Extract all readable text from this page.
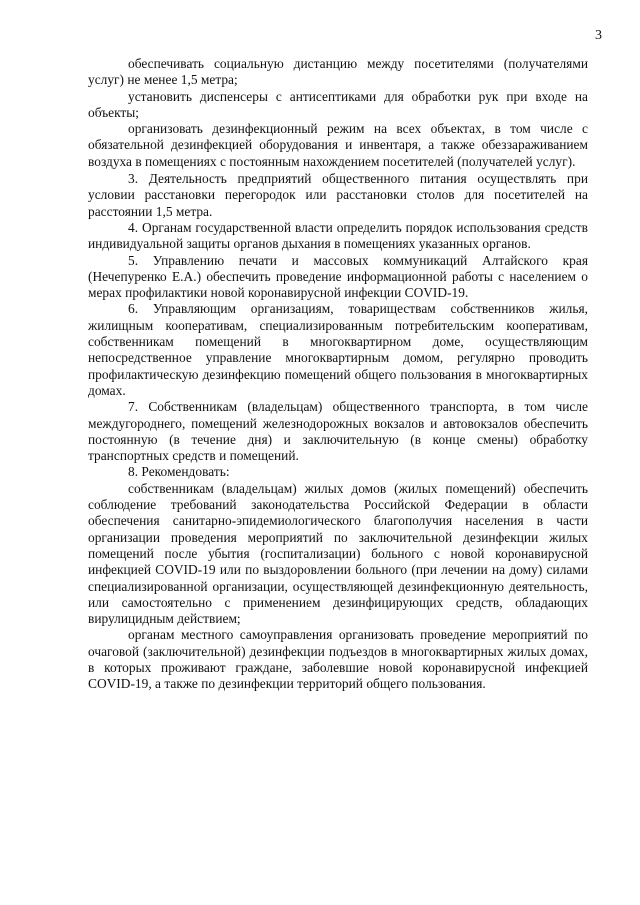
3

обеспечивать социальную дистанцию между посетителями (получателями услуг) не менее 1,5 метра;

установить диспенсеры с антисептиками для обработки рук при входе на объекты;

организовать дезинфекционный режим на всех объектах, в том числе с обязательной дезинфекцией оборудования и инвентаря, а также обеззараживанием воздуха в помещениях с постоянным нахождением посетителей (получателей услуг).

3. Деятельность предприятий общественного питания осуществлять при условии расстановки перегородок или расстановки столов для посетителей на расстоянии 1,5 метра.

4. Органам государственной власти определить порядок использования средств индивидуальной защиты органов дыхания в помещениях указанных органов.

5. Управлению печати и массовых коммуникаций Алтайского края (Нечепуренко Е.А.) обеспечить проведение информационной работы с населением о мерах профилактики новой коронавирусной инфекции COVID-19.

6. Управляющим организациям, товариществам собственников жилья, жилищным кооперативам, специализированным потребительским кооперативам, собственникам помещений в многоквартирном доме, осуществляющим непосредственное управление многоквартирным домом, регулярно проводить профилактическую дезинфекцию помещений общего пользования в многоквартирных домах.

7. Собственникам (владельцам) общественного транспорта, в том числе междугороднего, помещений железнодорожных вокзалов и автовокзалов обеспечить постоянную (в течение дня) и заключительную (в конце смены) обработку транспортных средств и помещений.

8. Рекомендовать:

собственникам (владельцам) жилых домов (жилых помещений) обеспечить соблюдение требований законодательства Российской Федерации в области обеспечения санитарно-эпидемиологического благополучия населения в части организации проведения мероприятий по заключительной дезинфекции жилых помещений после убытия (госпитализации) больного с новой коронавирусной инфекцией COVID-19 или по выздоровлении больного (при лечении на дому) силами специализированной организации, осуществляющей дезинфекционную деятельность, или самостоятельно с применением дезинфицирующих средств, обладающих вирулицидным действием;

органам местного самоуправления организовать проведение мероприятий по очаговой (заключительной) дезинфекции подъездов в многоквартирных жилых домах, в которых проживают граждане, заболевшие новой коронавирусной инфекцией COVID-19, а также по дезинфекции территорий общего пользования.
